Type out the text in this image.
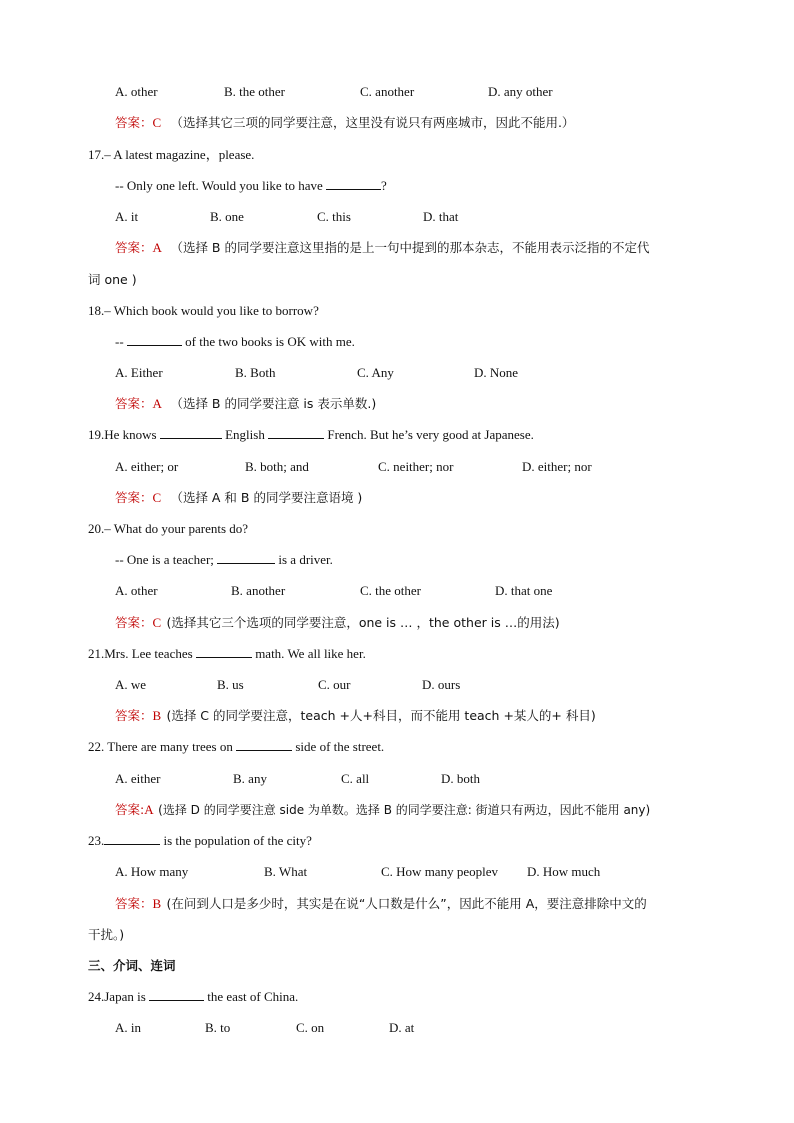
A. other	B. the other	C. another	D. any other
答案：C （选择其它三项的同学要注意，这里没有说只有两座城市，因此不能用.）
17.– A latest magazine，please.
-- Only one left. Would you like to have	?
A. it	B. one	C. this	D. that
答案：A （选择 B 的同学要注意这里指的是上一句中提到的那本杂志，不能用表示泛指的不定代
词 one )
18.– Which book would you like to borrow?
--	of the two books is OK with me.
A. Either	B. Both	C. Any	D. None
答案：A （选择 B 的同学要注意 is 表示单数.)
19.He knows	English	French. But he’s very good at Japanese.
A. either; or	B. both; and	C. neither; nor	D. either; nor
答案：C （选择 A 和 B 的同学要注意语境 )
20.– What do your parents do?
-- One is a teacher;	is a driver.
A. other	B. another	C. the other	D. that one
答案：C (选择其它三个选项的同学要注意，one is … ，the other is …的用法)
21.Mrs. Lee teaches	math. We all like her.
A. we	B. us	C. our	D. ours
答案：B (选择 C 的同学要注意，teach +人+科目，而不能用 teach +某人的+ 科目)
22. There are many trees on	side of the street.
A. either	B. any	C. all	D. both
答案:A (选择 D 的同学要注意 side 为单数。选择 B 的同学要注意: 街道只有两边，因此不能用 any)
23.	is the population of the city?
A. How many	B. What	C. How many peoplev D. How much
答案：B (在问到人口是多少时，其实是在说“人口数是什么”，因此不能用 A，要注意排除中文的
干扰。)
三、介词、连词
24.Japan is	the east of China.
A. in	B. to	C. on	D. at
